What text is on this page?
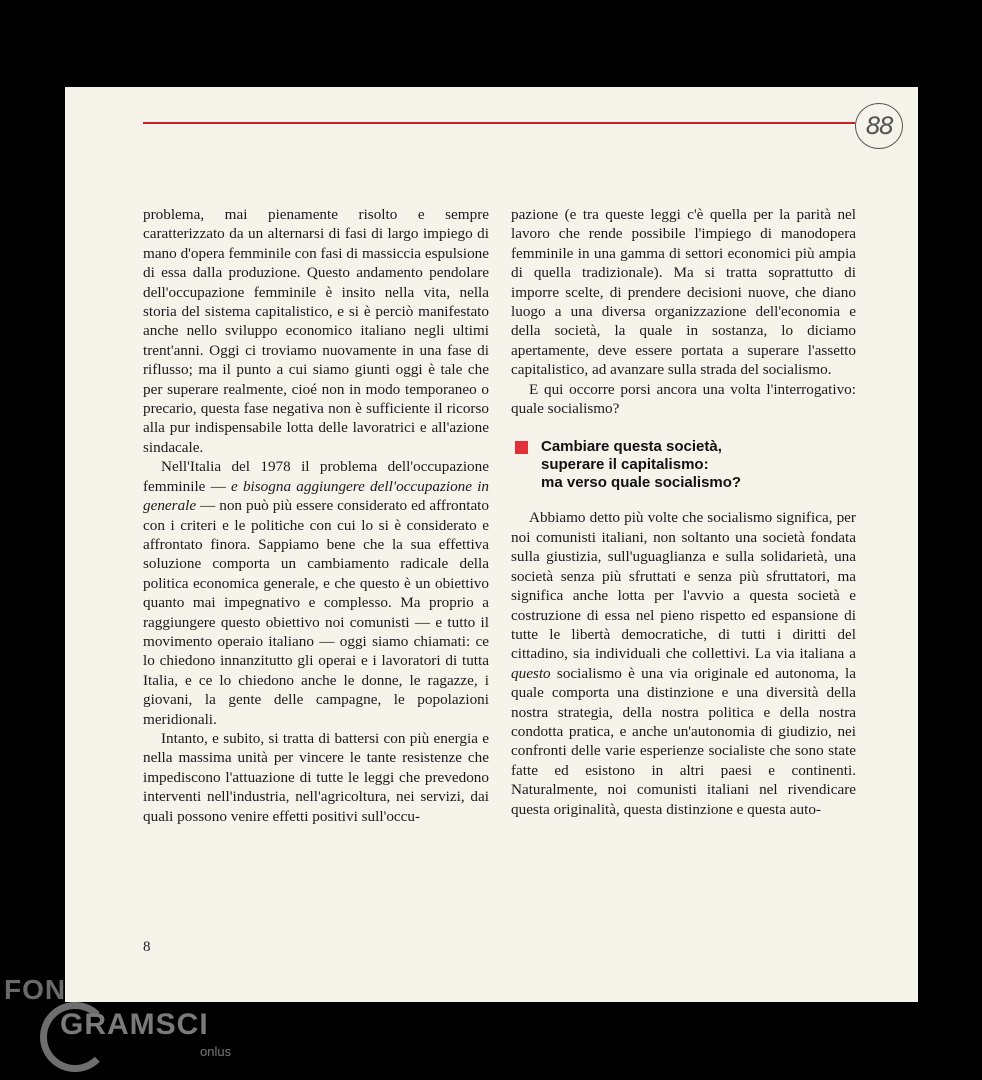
88

problema, mai pienamente risolto e sempre caratterizzato da un alternarsi di fasi di largo impiego di mano d'opera femminile con fasi di massiccia espulsione di essa dalla produzione. Questo andamento pendolare dell'occupazione femminile è insito nella vita, nella storia del sistema capitalistico, e si è perciò manifestato anche nello sviluppo economico italiano negli ultimi trent'anni. Oggi ci troviamo nuovamente in una fase di riflusso; ma il punto a cui siamo giunti oggi è tale che per superare realmente, cioé non in modo temporaneo o precario, questa fase negativa non è sufficiente il ricorso alla pur indispensabile lotta delle lavoratrici e all'azione sindacale.

Nell'Italia del 1978 il problema dell'occupazione femminile — e bisogna aggiungere dell'occupazione in generale — non può più essere considerato ed affrontato con i criteri e le politiche con cui lo si è considerato e affrontato finora. Sappiamo bene che la sua effettiva soluzione comporta un cambiamento radicale della politica economica generale, e che questo è un obiettivo quanto mai impegnativo e complesso. Ma proprio a raggiungere questo obiettivo noi comunisti — e tutto il movimento operaio italiano — oggi siamo chiamati: ce lo chiedono innanzitutto gli operai e i lavoratori di tutta Italia, e ce lo chiedono anche le donne, le ragazze, i giovani, la gente delle campagne, le popolazioni meridionali.

Intanto, e subito, si tratta di battersi con più energia e nella massima unità per vincere le tante resistenze che impediscono l'attuazione di tutte le leggi che prevedono interventi nell'industria, nell'agricoltura, nei servizi, dai quali possono venire effetti positivi sull'occu-

pazione (e tra queste leggi c'è quella per la parità nel lavoro che rende possibile l'impiego di manodopera femminile in una gamma di settori economici più ampia di quella tradizionale). Ma si tratta soprattutto di imporre scelte, di prendere decisioni nuove, che diano luogo a una diversa organizzazione dell'economia e della società, la quale in sostanza, lo diciamo apertamente, deve essere portata a superare l'assetto capitalistico, ad avanzare sulla strada del socialismo.

E qui occorre porsi ancora una volta l'interrogativo: quale socialismo?

Cambiare questa società,
superare il capitalismo:
ma verso quale socialismo?

Abbiamo detto più volte che socialismo significa, per noi comunisti italiani, non soltanto una società fondata sulla giustizia, sull'uguaglianza e sulla solidarietà, una società senza più sfruttati e senza più sfruttatori, ma significa anche lotta per l'avvio a questa società e costruzione di essa nel pieno rispetto ed espansione di tutte le libertà democratiche, di tutti i diritti del cittadino, sia individuali che collettivi. La via italiana a questo socialismo è una via originale ed autonoma, la quale comporta una distinzione e una diversità della nostra strategia, della nostra politica e della nostra condotta pratica, e anche un'autonomia di giudizio, nei confronti delle varie esperienze socialiste che sono state fatte ed esistono in altri paesi e continenti. Naturalmente, noi comunisti italiani nel rivendicare questa originalità, questa distinzione e questa auto-

8
FON
GRAMSCI
onlus
